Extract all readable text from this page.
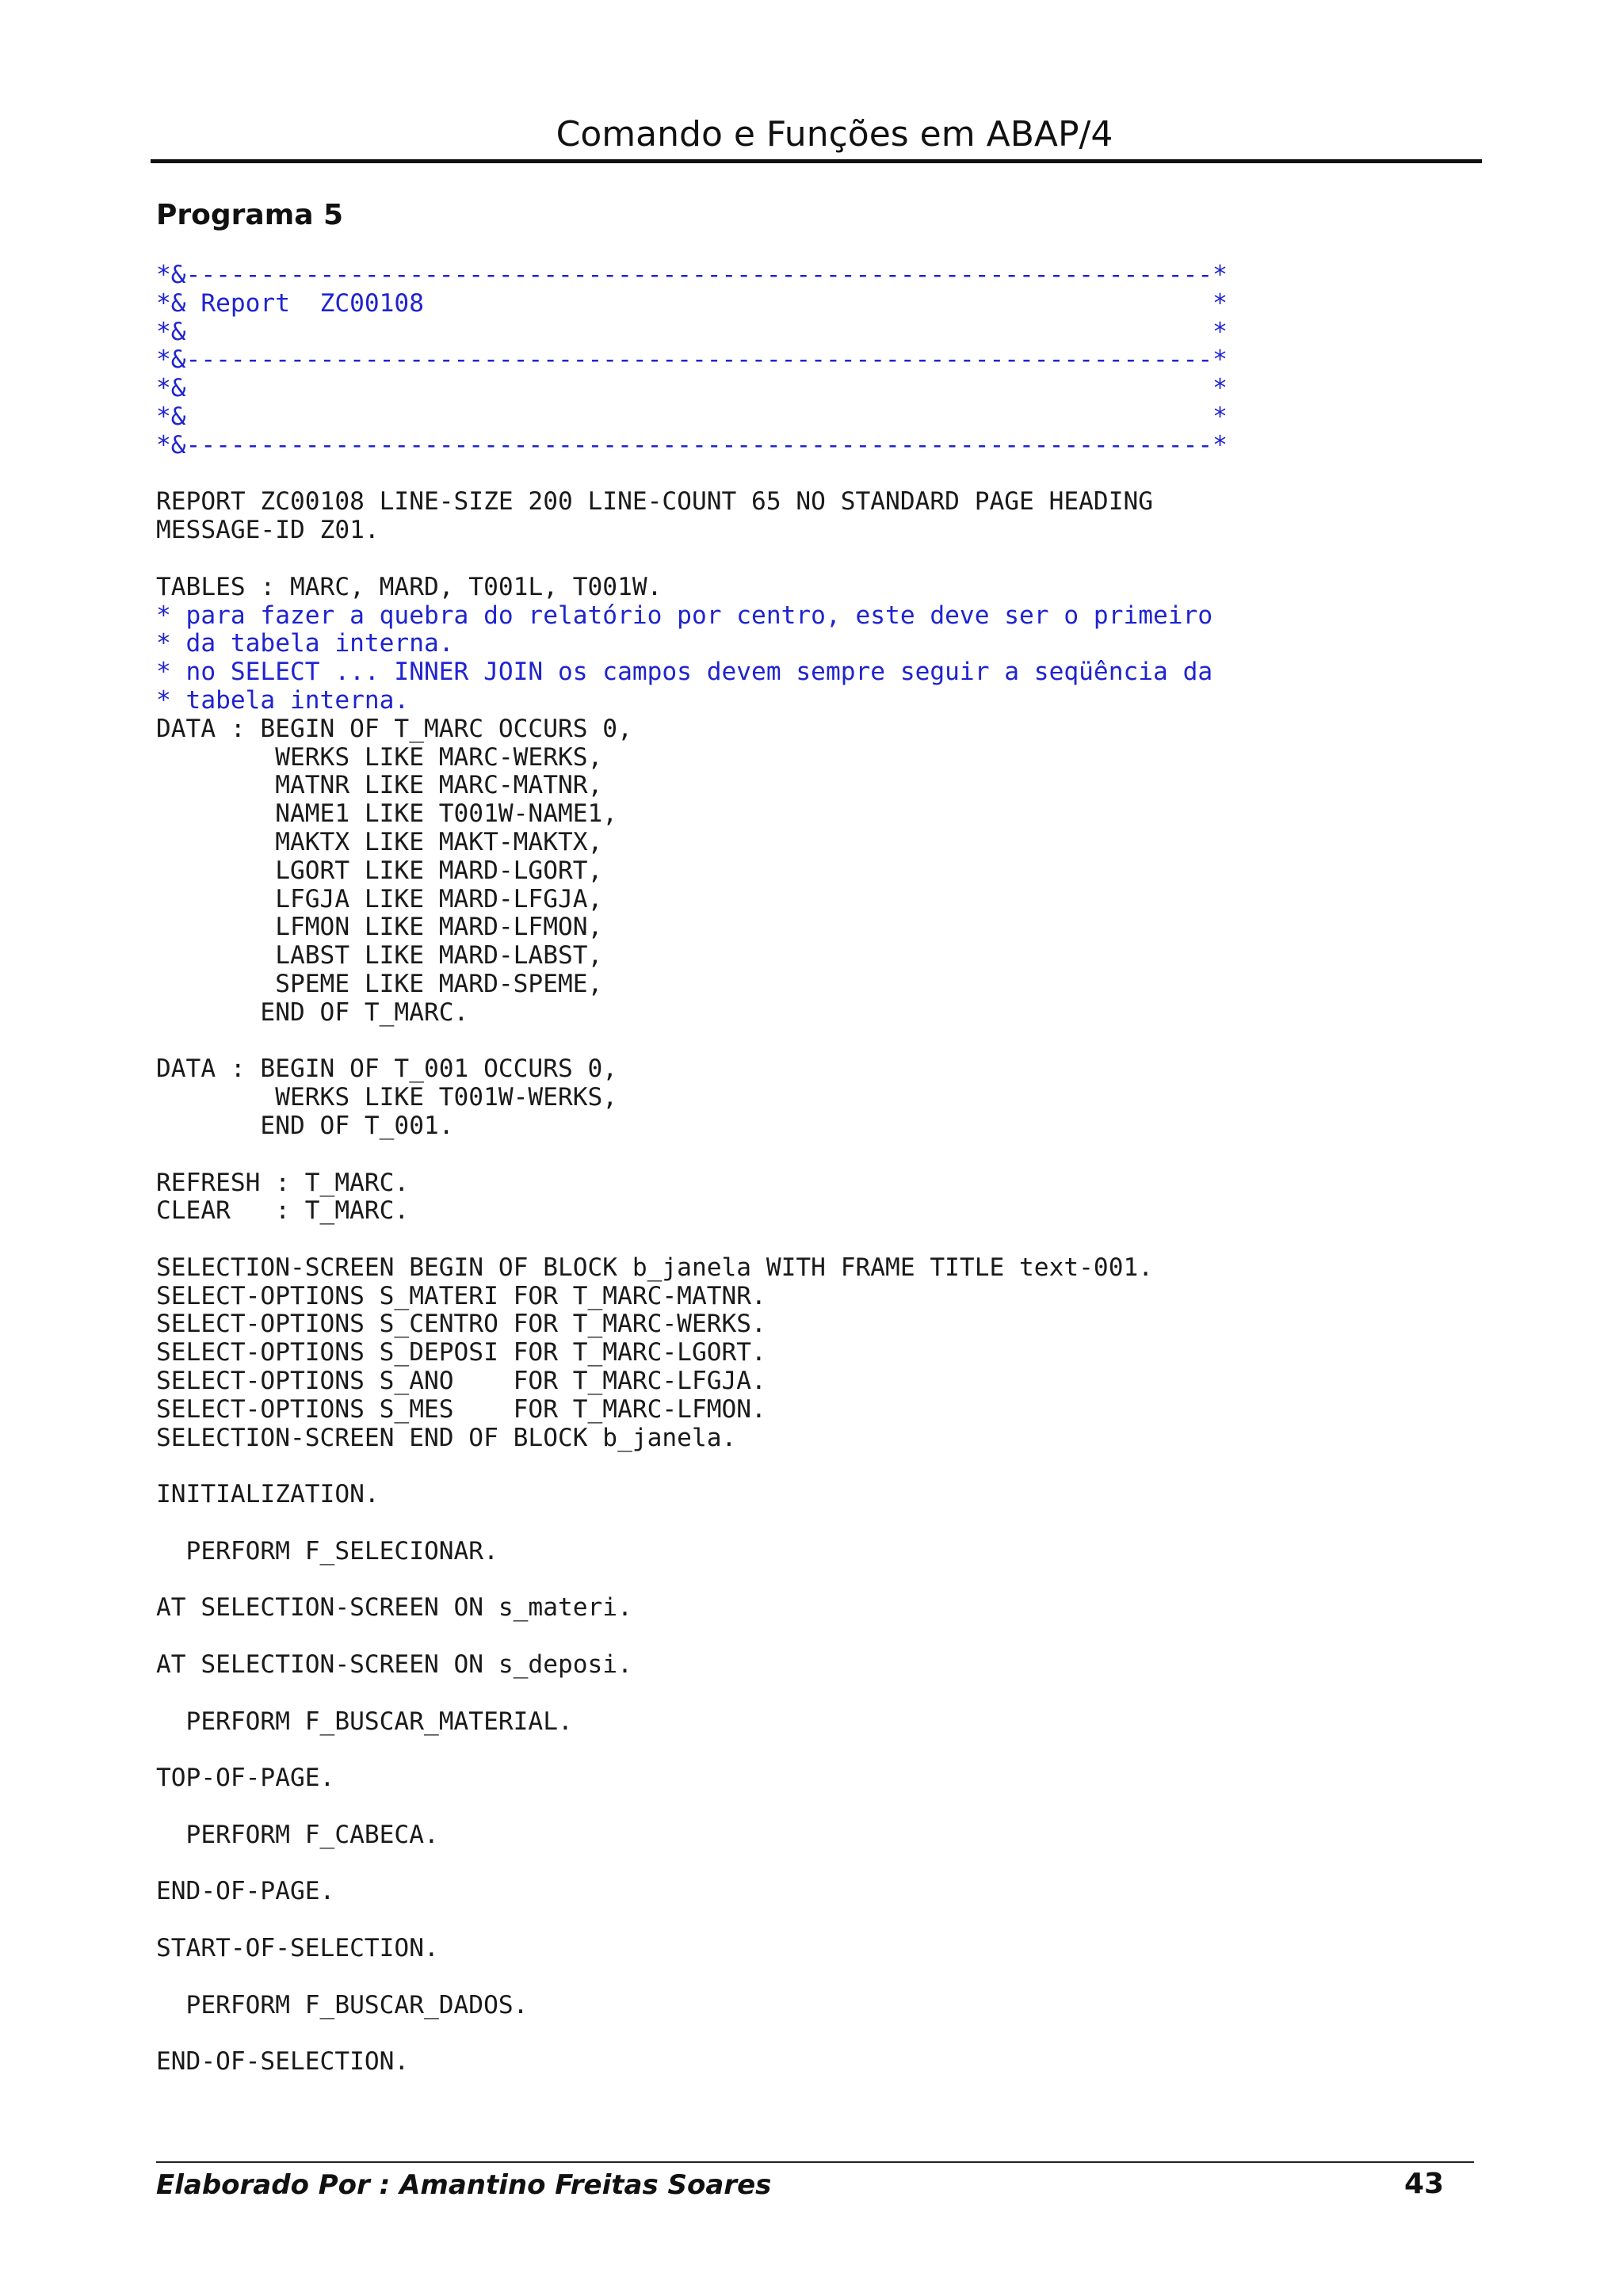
Comando e Funções em ABAP/4
Programa 5
*&---------------------------------------------------------------------*
*& Report  ZC00108                                                     *
*&                                                                     *
*&---------------------------------------------------------------------*
*&                                                                     *
*&                                                                     *
*&---------------------------------------------------------------------*
REPORT ZC00108 LINE-SIZE 200 LINE-COUNT 65 NO STANDARD PAGE HEADING
MESSAGE-ID Z01.
TABLES : MARC, MARD, T001L, T001W.
* para fazer a quebra do relatório por centro, este deve ser o primeiro
* da tabela interna.
* no SELECT ... INNER JOIN os campos devem sempre seguir a seqüência da
* tabela interna.
DATA : BEGIN OF T_MARC OCCURS 0,
WERKS LIKE MARC-WERKS,
MATNR LIKE MARC-MATNR,
NAME1 LIKE T001W-NAME1,
MAKTX LIKE MAKT-MAKTX,
LGORT LIKE MARD-LGORT,
LFGJA LIKE MARD-LFGJA,
LFMON LIKE MARD-LFMON,
LABST LIKE MARD-LABST,
SPEME LIKE MARD-SPEME,
END OF T_MARC.
DATA : BEGIN OF T_001 OCCURS 0,
WERKS LIKE T001W-WERKS,
END OF T_001.
REFRESH : T_MARC.
CLEAR   : T_MARC.
SELECTION-SCREEN BEGIN OF BLOCK b_janela WITH FRAME TITLE text-001.
SELECT-OPTIONS S_MATERI FOR T_MARC-MATNR.
SELECT-OPTIONS S_CENTRO FOR T_MARC-WERKS.
SELECT-OPTIONS S_DEPOSI FOR T_MARC-LGORT.
SELECT-OPTIONS S_ANO    FOR T_MARC-LFGJA.
SELECT-OPTIONS S_MES    FOR T_MARC-LFMON.
SELECTION-SCREEN END OF BLOCK b_janela.
INITIALIZATION.
PERFORM F_SELECIONAR.
AT SELECTION-SCREEN ON s_materi.
AT SELECTION-SCREEN ON s_deposi.
PERFORM F_BUSCAR_MATERIAL.
TOP-OF-PAGE.
PERFORM F_CABECA.
END-OF-PAGE.
START-OF-SELECTION.
PERFORM F_BUSCAR_DADOS.
END-OF-SELECTION.
Elaborado Por : Amantino Freitas Soares	43
